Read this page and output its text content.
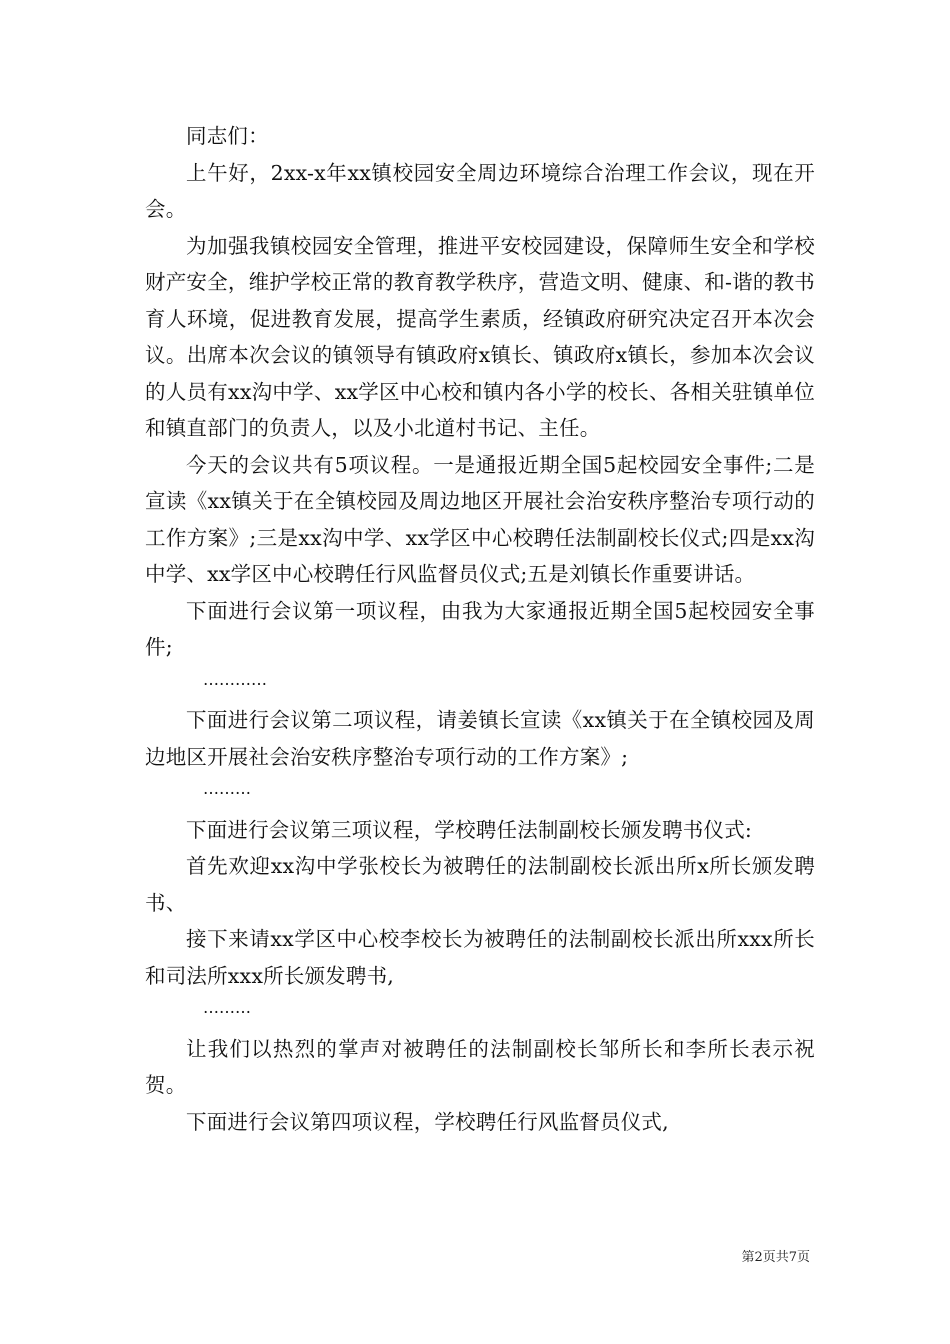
同志们：

上午好，2xx-x年xx镇校园安全周边环境综合治理工作会议，现在开会。

为加强我镇校园安全管理，推进平安校园建设，保障师生安全和学校财产安全，维护学校正常的教育教学秩序，营造文明、健康、和-谐的教书育人环境，促进教育发展，提高学生素质，经镇政府研究决定召开本次会议。出席本次会议的镇领导有镇政府x镇长、镇政府x镇长，参加本次会议的人员有xx沟中学、xx学区中心校和镇内各小学的校长、各相关驻镇单位和镇直部门的负责人，以及小北道村书记、主任。

今天的会议共有5项议程。一是通报近期全国5起校园安全事件;二是宣读《xx镇关于在全镇校园及周边地区开展社会治安秩序整治专项行动的工作方案》;三是xx沟中学、xx学区中心校聘任法制副校长仪式;四是xx沟中学、xx学区中心校聘任行风监督员仪式;五是刘镇长作重要讲话。

下面进行会议第一项议程，由我为大家通报近期全国5起校园安全事件;

…………

下面进行会议第二项议程，请姜镇长宣读《xx镇关于在全镇校园及周边地区开展社会治安秩序整治专项行动的工作方案》;

………

下面进行会议第三项议程，学校聘任法制副校长颁发聘书仪式:

首先欢迎xx沟中学张校长为被聘任的法制副校长派出所x所长颁发聘书、

接下来请xx学区中心校李校长为被聘任的法制副校长派出所xxx所长和司法所xxx所长颁发聘书,

………

让我们以热烈的掌声对被聘任的法制副校长邹所长和李所长表示祝贺。

下面进行会议第四项议程，学校聘任行风监督员仪式,

第2页共7页
